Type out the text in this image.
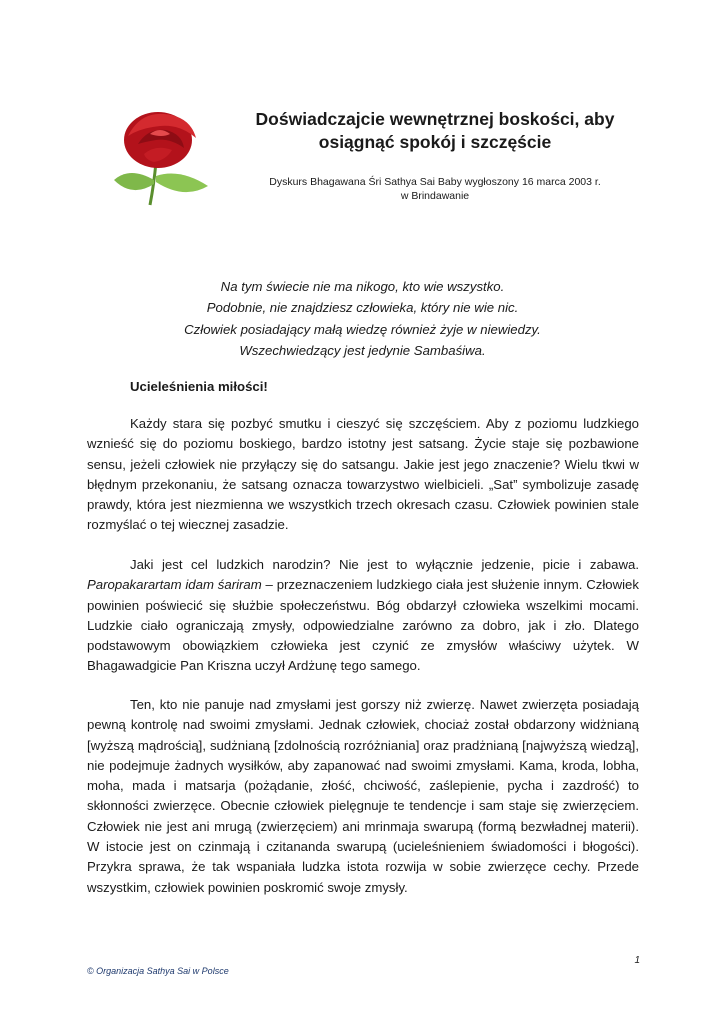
Doświadczajcie wewnętrznej boskości, aby
osiągnąć spokój i szczęście
Dyskurs Bhagawana Śri Sathya Sai Baby wygłoszony 16 marca 2003 r.
w Brindawanie
Na tym świecie nie ma nikogo, kto wie wszystko.
Podobnie, nie znajdziesz człowieka, który nie wie nic.
Człowiek posiadający małą wiedzę również żyje w niewiedzy.
Wszechwiedzący jest jedynie Sambaśiwa.
Ucieleśnienia miłości!
Każdy stara się pozbyć smutku i cieszyć się szczęściem. Aby z poziomu ludzkiego wznieść się do poziomu boskiego, bardzo istotny jest satsang. Życie staje się pozbawione sensu, jeżeli człowiek nie przyłączy się do satsangu. Jakie jest jego znaczenie? Wielu tkwi w błędnym przekonaniu, że satsang oznacza towarzystwo wielbicieli. „Sat” symbolizuje zasadę prawdy, która jest niezmienna we wszystkich trzech okresach czasu. Człowiek powinien stale rozmyślać o tej wiecznej zasadzie.
Jaki jest cel ludzkich narodzin? Nie jest to wyłącznie jedzenie, picie i zabawa. Paropakarartam idam śariram – przeznaczeniem ludzkiego ciała jest służenie innym. Człowiek powinien poświecić się służbie społeczeństwu. Bóg obdarzył człowieka wszelkimi mocami. Ludzkie ciało ograniczają zmysły, odpowiedzialne zarówno za dobro, jak i zło. Dlatego podstawowym obowiązkiem człowieka jest czynić ze zmysłów właściwy użytek. W Bhagawadgicie Pan Kriszna uczył Ardżunę tego samego.
Ten, kto nie panuje nad zmysłami jest gorszy niż zwierzę. Nawet zwierzęta posiadają pewną kontrolę nad swoimi zmysłami. Jednak człowiek, chociaż został obdarzony widżnianą [wyższą mądrością], sudżnianą [zdolnością rozróżniania] oraz pradżnianą [najwyższą wiedzą], nie podejmuje żadnych wysiłków, aby zapanować nad swoimi zmysłami. Kama, kroda, lobha, moha, mada i matsarja (pożądanie, złość, chciwość, zaślepienie, pycha i zazdrość) to skłonności zwierzęce. Obecnie człowiek pielęgnuje te tendencje i sam staje się zwierzęciem. Człowiek nie jest ani mrugą (zwierzęciem) ani mrinmaja swarupą (formą bezwładnej materii). W istocie jest on czinmają i czitananda swarupą (ucieleśnieniem świadomości i błogości). Przykra sprawa, że tak wspaniała ludzka istota rozwija w sobie zwierzęce cechy. Przede wszystkim, człowiek powinien poskromić swoje zmysły.
1
© Organizacja Sathya Sai w Polsce
